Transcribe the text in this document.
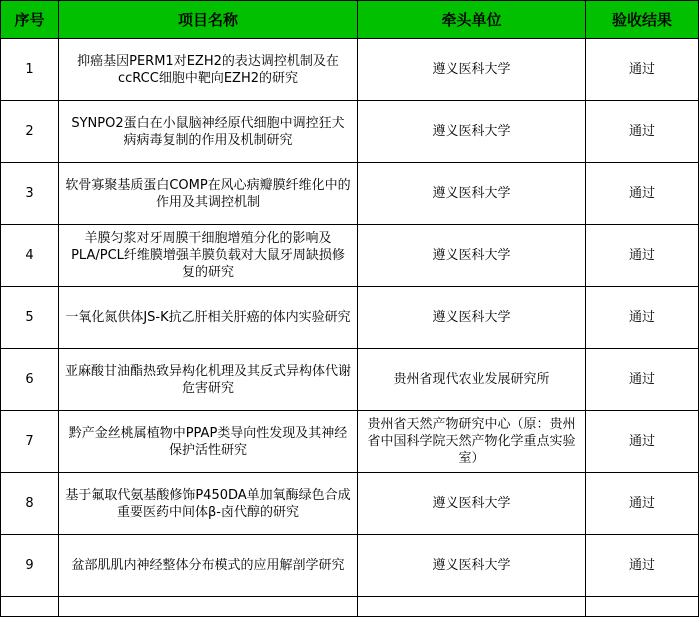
序号	项目名称	牵头单位	验收结果
1	抑癌基因PERM1对EZH2的表达调控机制及在ccRCC细胞中靶向EZH2的研究	遵义医科大学	通过
2	SYNPO2蛋白在小鼠脑神经原代细胞中调控狂犬病病毒复制的作用及机制研究	遵义医科大学	通过
3	软骨寡聚基质蛋白COMP在风心病瓣膜纤维化中的作用及其调控机制	遵义医科大学	通过
4	羊膜匀浆对牙周膜干细胞增殖分化的影响及PLA/PCL纤维膜增强羊膜负载对大鼠牙周缺损修复的研究	遵义医科大学	通过
5	一氧化氮供体JS-K抗乙肝相关肝癌的体内实验研究	遵义医科大学	通过
6	亚麻酸甘油酯热致异构化机理及其反式异构体代谢危害研究	贵州省现代农业发展研究所	通过
7	黔产金丝桃属植物中PPAP类导向性发现及其神经保护活性研究	贵州省天然产物研究中心（原：贵州省中国科学院天然产物化学重点实验室）	通过
8	基于氟取代氨基酸修饰P450DA单加氧酶绿色合成重要医药中间体β-卤代醇的研究	遵义医科大学	通过
9	盆部肌肌内神经整体分布模式的应用解剖学研究	遵义医科大学	通过
